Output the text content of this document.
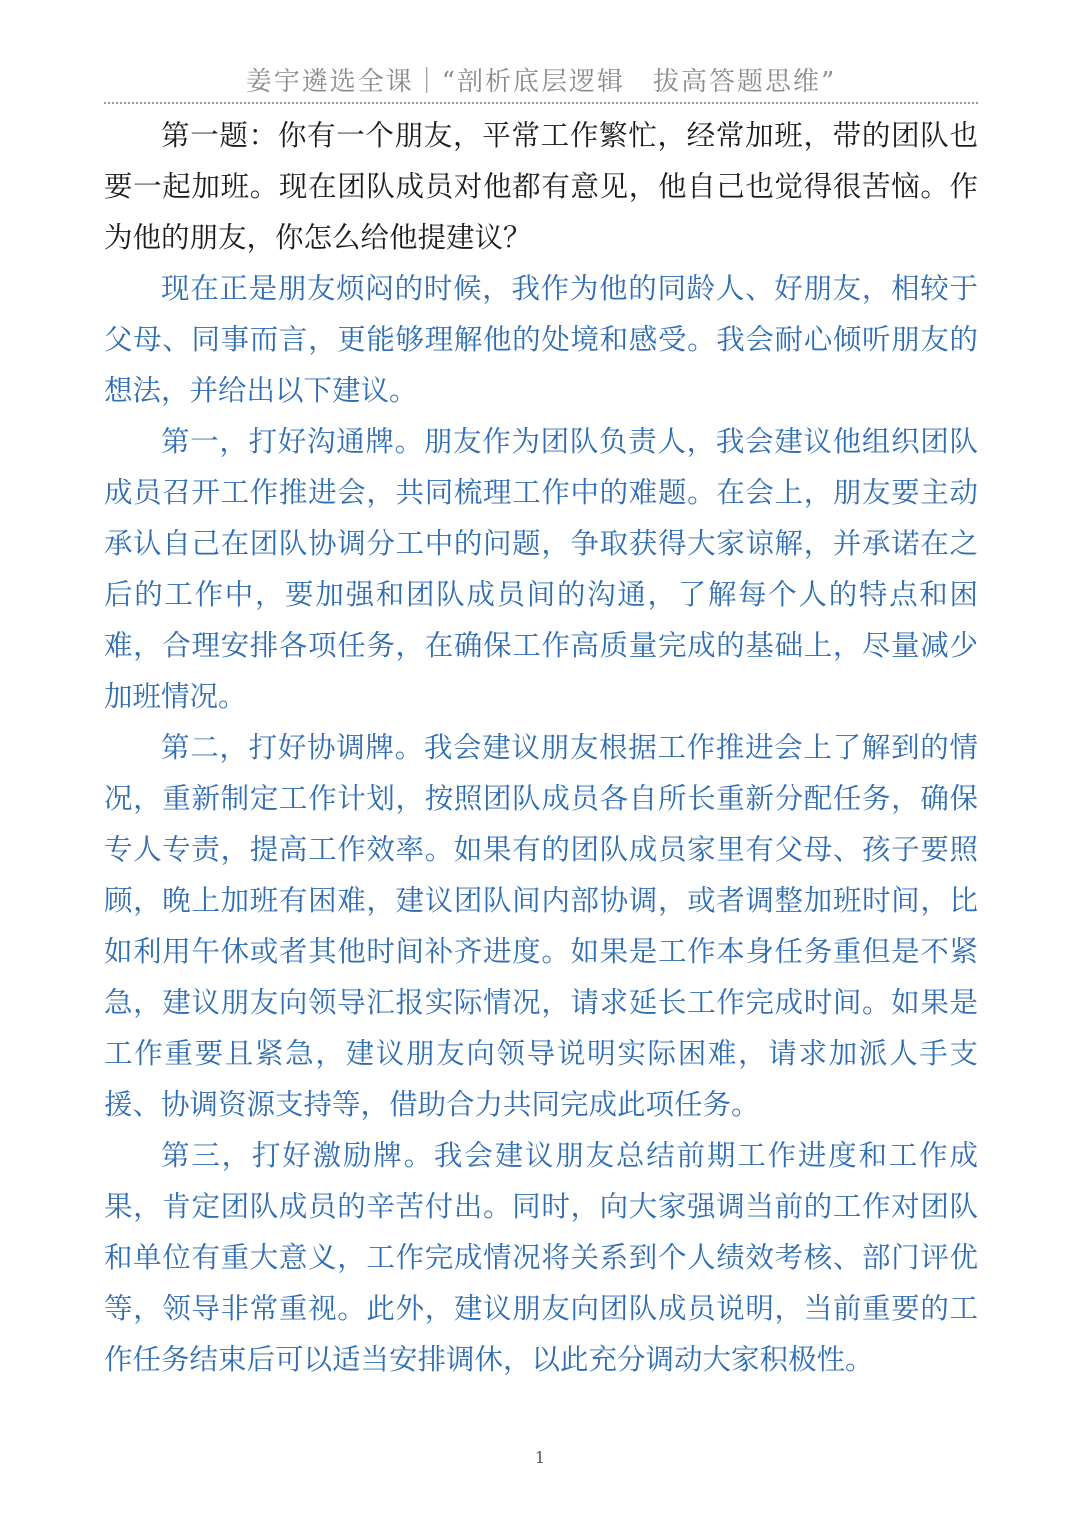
姜宇遴选全课｜“剖析底层逻辑　拔高答题思维”

第一题：你有一个朋友，平常工作繁忙，经常加班，带的团队也要一起加班。现在团队成员对他都有意见，他自己也觉得很苦恼。作为他的朋友，你怎么给他提建议？

现在正是朋友烦闷的时候，我作为他的同龄人、好朋友，相较于父母、同事而言，更能够理解他的处境和感受。我会耐心倾听朋友的想法，并给出以下建议。

第一，打好沟通牌。朋友作为团队负责人，我会建议他组织团队成员召开工作推进会，共同梳理工作中的难题。在会上，朋友要主动承认自己在团队协调分工中的问题，争取获得大家谅解，并承诺在之后的工作中，要加强和团队成员间的沟通，了解每个人的特点和困难，合理安排各项任务，在确保工作高质量完成的基础上，尽量减少加班情况。

第二，打好协调牌。我会建议朋友根据工作推进会上了解到的情况，重新制定工作计划，按照团队成员各自所长重新分配任务，确保专人专责，提高工作效率。如果有的团队成员家里有父母、孩子要照顾，晚上加班有困难，建议团队间内部协调，或者调整加班时间，比如利用午休或者其他时间补齐进度。如果是工作本身任务重但是不紧急，建议朋友向领导汇报实际情况，请求延长工作完成时间。如果是工作重要且紧急，建议朋友向领导说明实际困难，请求加派人手支援、协调资源支持等，借助合力共同完成此项任务。

第三，打好激励牌。我会建议朋友总结前期工作进度和工作成果，肯定团队成员的辛苦付出。同时，向大家强调当前的工作对团队和单位有重大意义，工作完成情况将关系到个人绩效考核、部门评优等，领导非常重视。此外，建议朋友向团队成员说明，当前重要的工作任务结束后可以适当安排调休，以此充分调动大家积极性。

1
